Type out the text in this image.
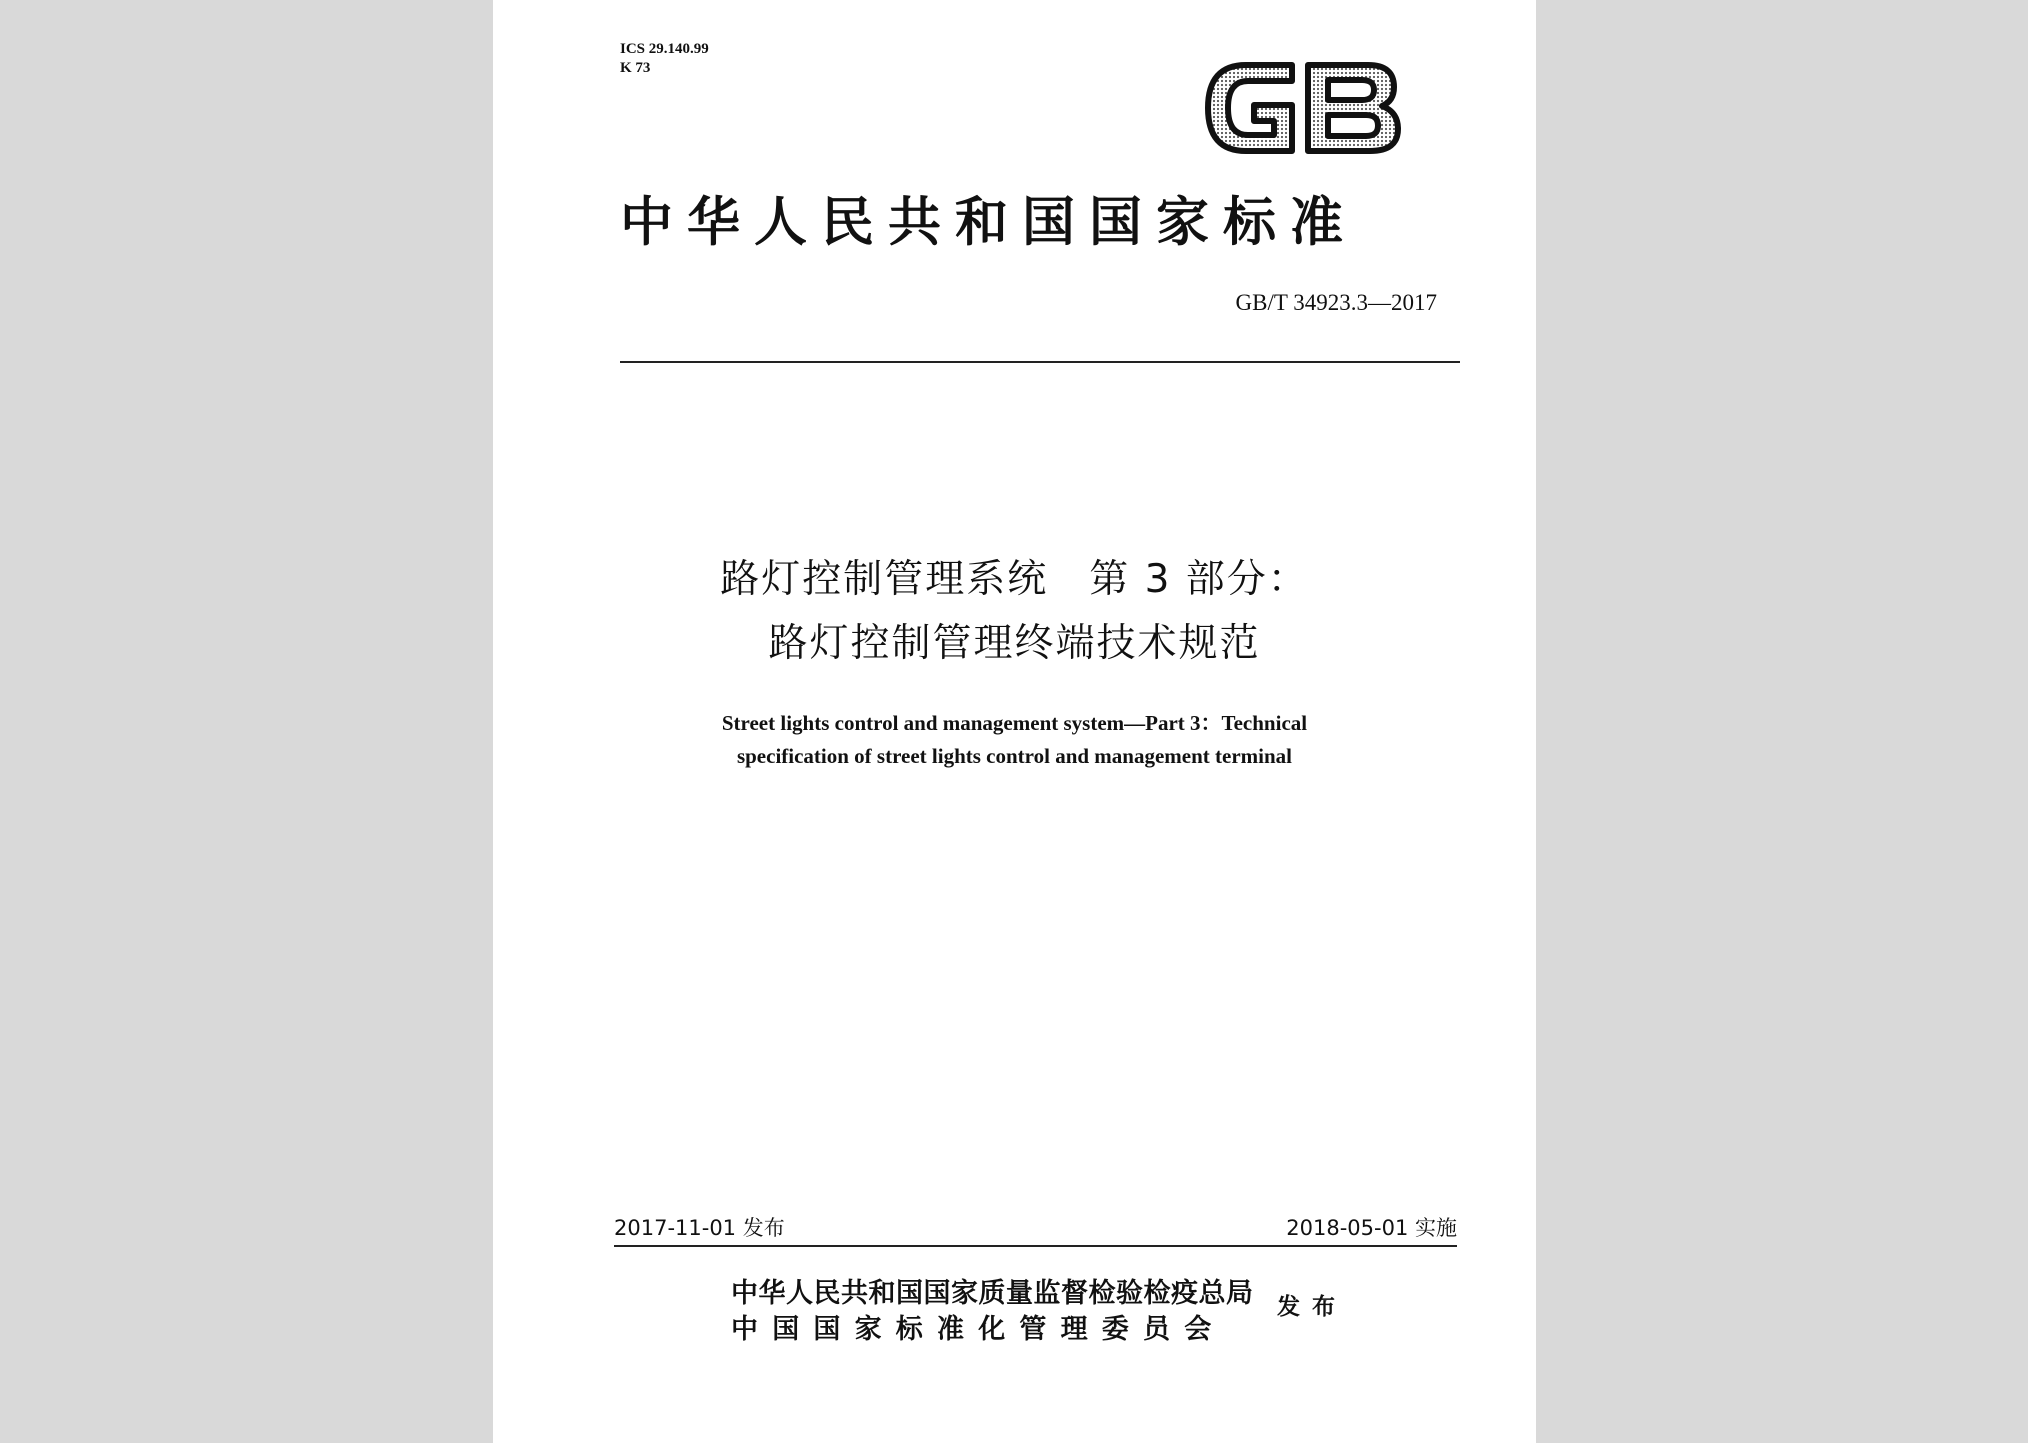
ICS 29.140.99
K 73
中华人民共和国国家标准
GB/T 34923.3—2017
路灯控制管理系统　第 3 部分：
路灯控制管理终端技术规范
Street lights control and management system—Part 3：Technical
specification of street lights control and management terminal
2017-11-01 发布	2018-05-01 实施
中华人民共和国国家质量监督检验检疫总局
中国国家标准化管理委员会
发布
